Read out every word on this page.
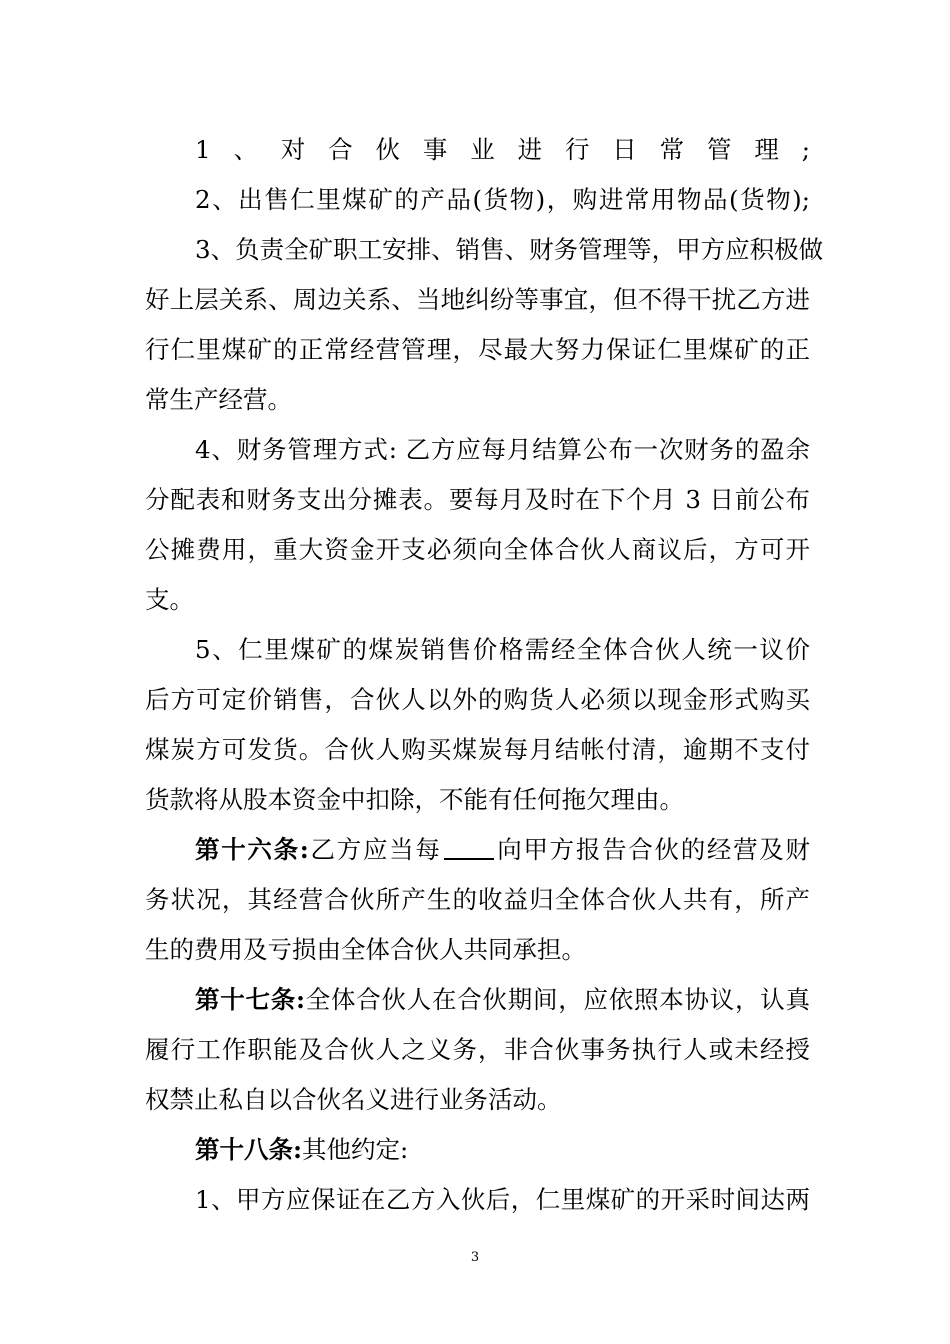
1、对合伙事业进行日常管理;
2、出售仁里煤矿的产品(货物)，购进常用物品(货物);
3、负责全矿职工安排、销售、财务管理等，甲方应积极做
好上层关系、周边关系、当地纠纷等事宜，但不得干扰乙方进
行仁里煤矿的正常经营管理，尽最大努力保证仁里煤矿的正
常生产经营。
4、财务管理方式: 乙方应每月结算公布一次财务的盈余
分配表和财务支出分摊表。要每月及时在下个月 3 日前公布
公摊费用，重大资金开支必须向全体合伙人商议后，方可开
支。
5、仁里煤矿的煤炭销售价格需经全体合伙人统一议价
后方可定价销售，合伙人以外的购货人必须以现金形式购买
煤炭方可发货。合伙人购买煤炭每月结帐付清，逾期不支付
货款将从股本资金中扣除，不能有任何拖欠理由。
第十六条:乙方应当每 向甲方报告合伙的经营及财
务状况，其经营合伙所产生的收益归全体合伙人共有，所产
生的费用及亏损由全体合伙人共同承担。
第十七条:全体合伙人在合伙期间，应依照本协议，认真
履行工作职能及合伙人之义务，非合伙事务执行人或未经授
权禁止私自以合伙名义进行业务活动。
第十八条:其他约定:
1、甲方应保证在乙方入伙后，仁里煤矿的开采时间达两
3
